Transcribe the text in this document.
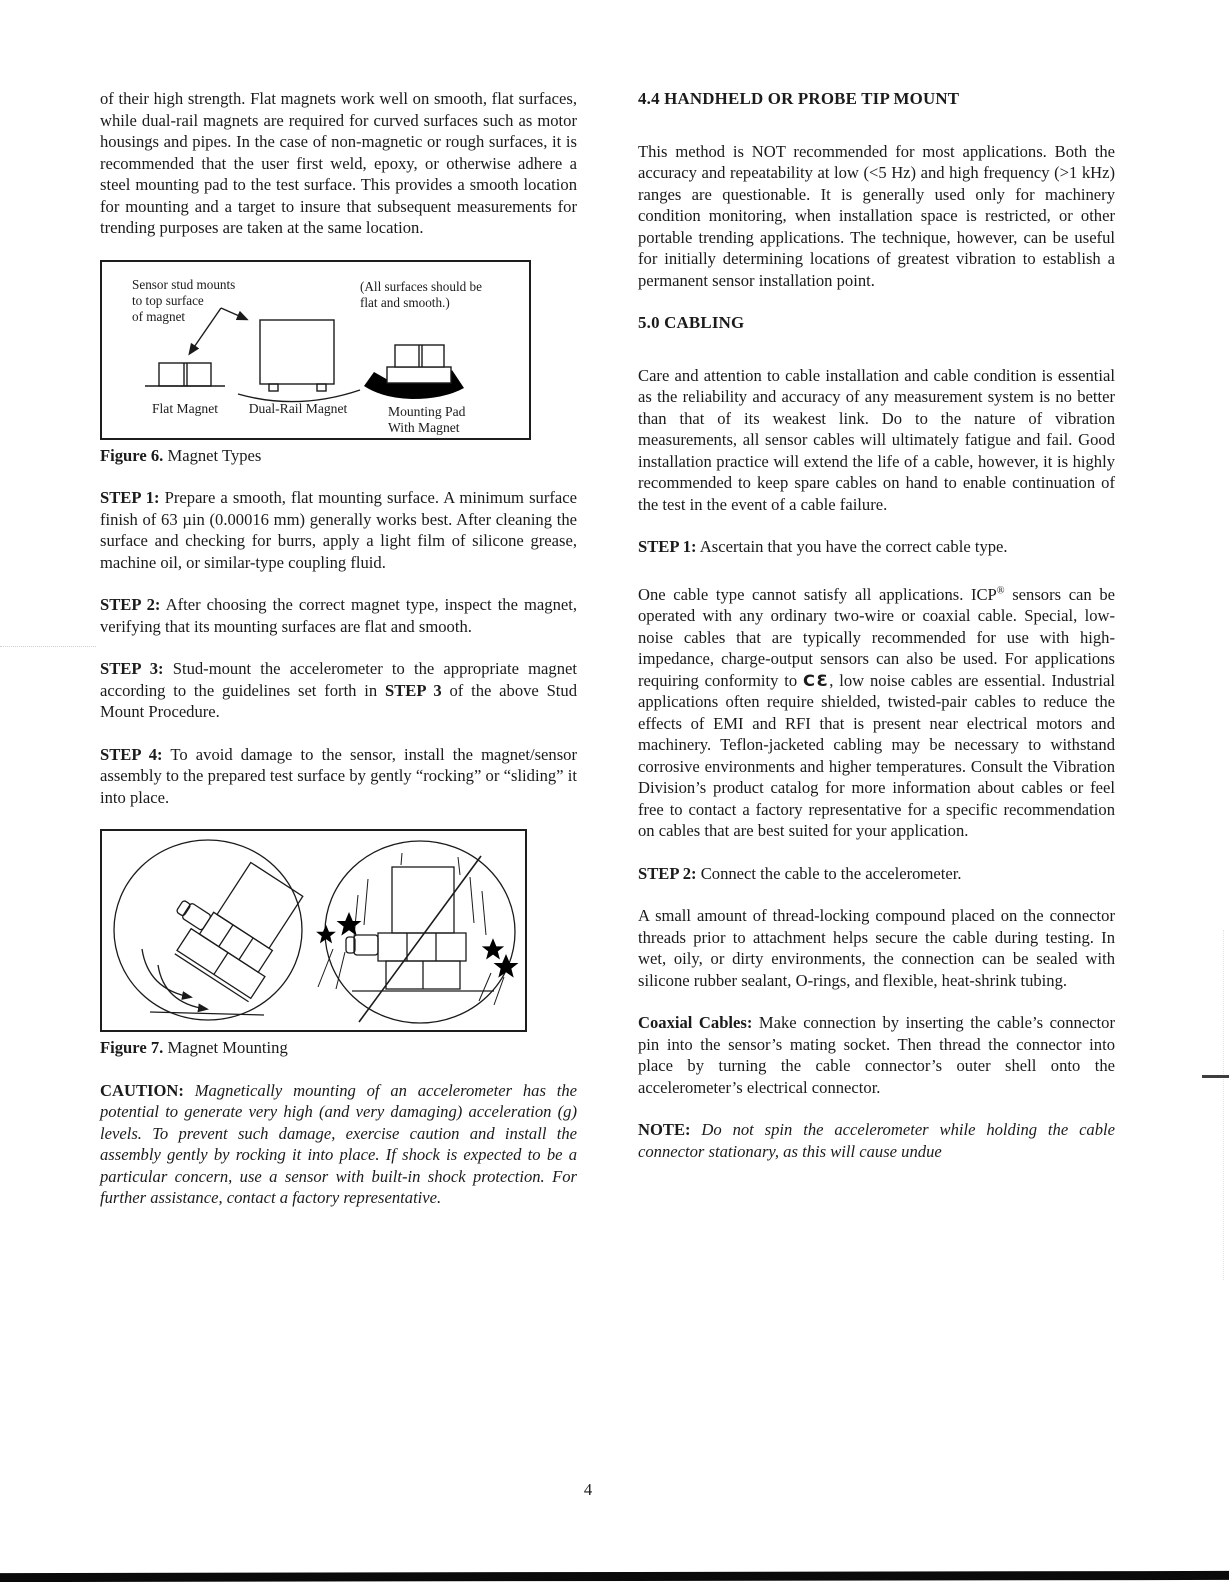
of their high strength. Flat magnets work well on smooth, flat surfaces, while dual-rail magnets are required for curved surfaces such as motor housings and pipes. In the case of non-magnetic or rough surfaces, it is recommended that the user first weld, epoxy, or otherwise adhere a steel mounting pad to the test surface. This provides a smooth location for mounting and a target to insure that subsequent measurements for trending purposes are taken at the same location.

Sensor stud mounts
to top surface
of magnet
(All surfaces should be
flat and smooth.)
Flat Magnet Dual-Rail Magnet	Mounting Pad
With Magnet
Figure 6. Magnet Types

STEP 1: Prepare a smooth, flat mounting surface. A minimum surface finish of 63 µin (0.00016 mm) generally works best. After cleaning the surface and checking for burrs, apply a light film of silicone grease, machine oil, or similar-type coupling fluid.

STEP 2: After choosing the correct magnet type, inspect the magnet, verifying that its mounting surfaces are flat and smooth.

STEP 3: Stud-mount the accelerometer to the appropriate magnet according to the guidelines set forth in STEP 3 of the above Stud Mount Procedure.

STEP 4: To avoid damage to the sensor, install the magnet/sensor assembly to the prepared test surface by gently “rocking” or “sliding” it into place.

Figure 7. Magnet Mounting

CAUTION: Magnetically mounting of an accelerometer has the potential to generate very high (and very damaging) acceleration (g) levels. To prevent such damage, exercise caution and install the assembly gently by rocking it into place. If shock is expected to be a particular concern, use a sensor with built-in shock protection. For further assistance, contact a factory representative.

4.4 HANDHELD OR PROBE TIP MOUNT

This method is NOT recommended for most applications. Both the accuracy and repeatability at low (<5 Hz) and high frequency (>1 kHz) ranges are questionable. It is generally used only for machinery condition monitoring, when installation space is restricted, or other portable trending applications. The technique, however, can be useful for initially determining locations of greatest vibration to establish a permanent sensor installation point.

5.0 CABLING

Care and attention to cable installation and cable condition is essential as the reliability and accuracy of any measurement system is no better than that of its weakest link. Do to the nature of vibration measurements, all sensor cables will ultimately fatigue and fail. Good installation practice will extend the life of a cable, however, it is highly recommended to keep spare cables on hand to enable continuation of the test in the event of a cable failure.

STEP 1: Ascertain that you have the correct cable type.

One cable type cannot satisfy all applications. ICP® sensors can be operated with any ordinary two-wire or coaxial cable. Special, low-noise cables that are typically recommended for use with high-impedance, charge-output sensors can also be used. For applications requiring conformity to CƐ, low noise cables are essential. Industrial applications often require shielded, twisted-pair cables to reduce the effects of EMI and RFI that is present near electrical motors and machinery. Teflon-jacketed cabling may be necessary to withstand corrosive environments and higher temperatures. Consult the Vibration Division’s product catalog for more information about cables or feel free to contact a factory representative for a specific recommendation on cables that are best suited for your application.

STEP 2: Connect the cable to the accelerometer.

A small amount of thread-locking compound placed on the connector threads prior to attachment helps secure the cable during testing. In wet, oily, or dirty environments, the connection can be sealed with silicone rubber sealant, O-rings, and flexible, heat-shrink tubing.

Coaxial Cables: Make connection by inserting the cable’s connector pin into the sensor’s mating socket. Then thread the connector into place by turning the cable connector’s outer shell onto the accelerometer’s electrical connector.

NOTE: Do not spin the accelerometer while holding the cable connector stationary, as this will cause undue

4
